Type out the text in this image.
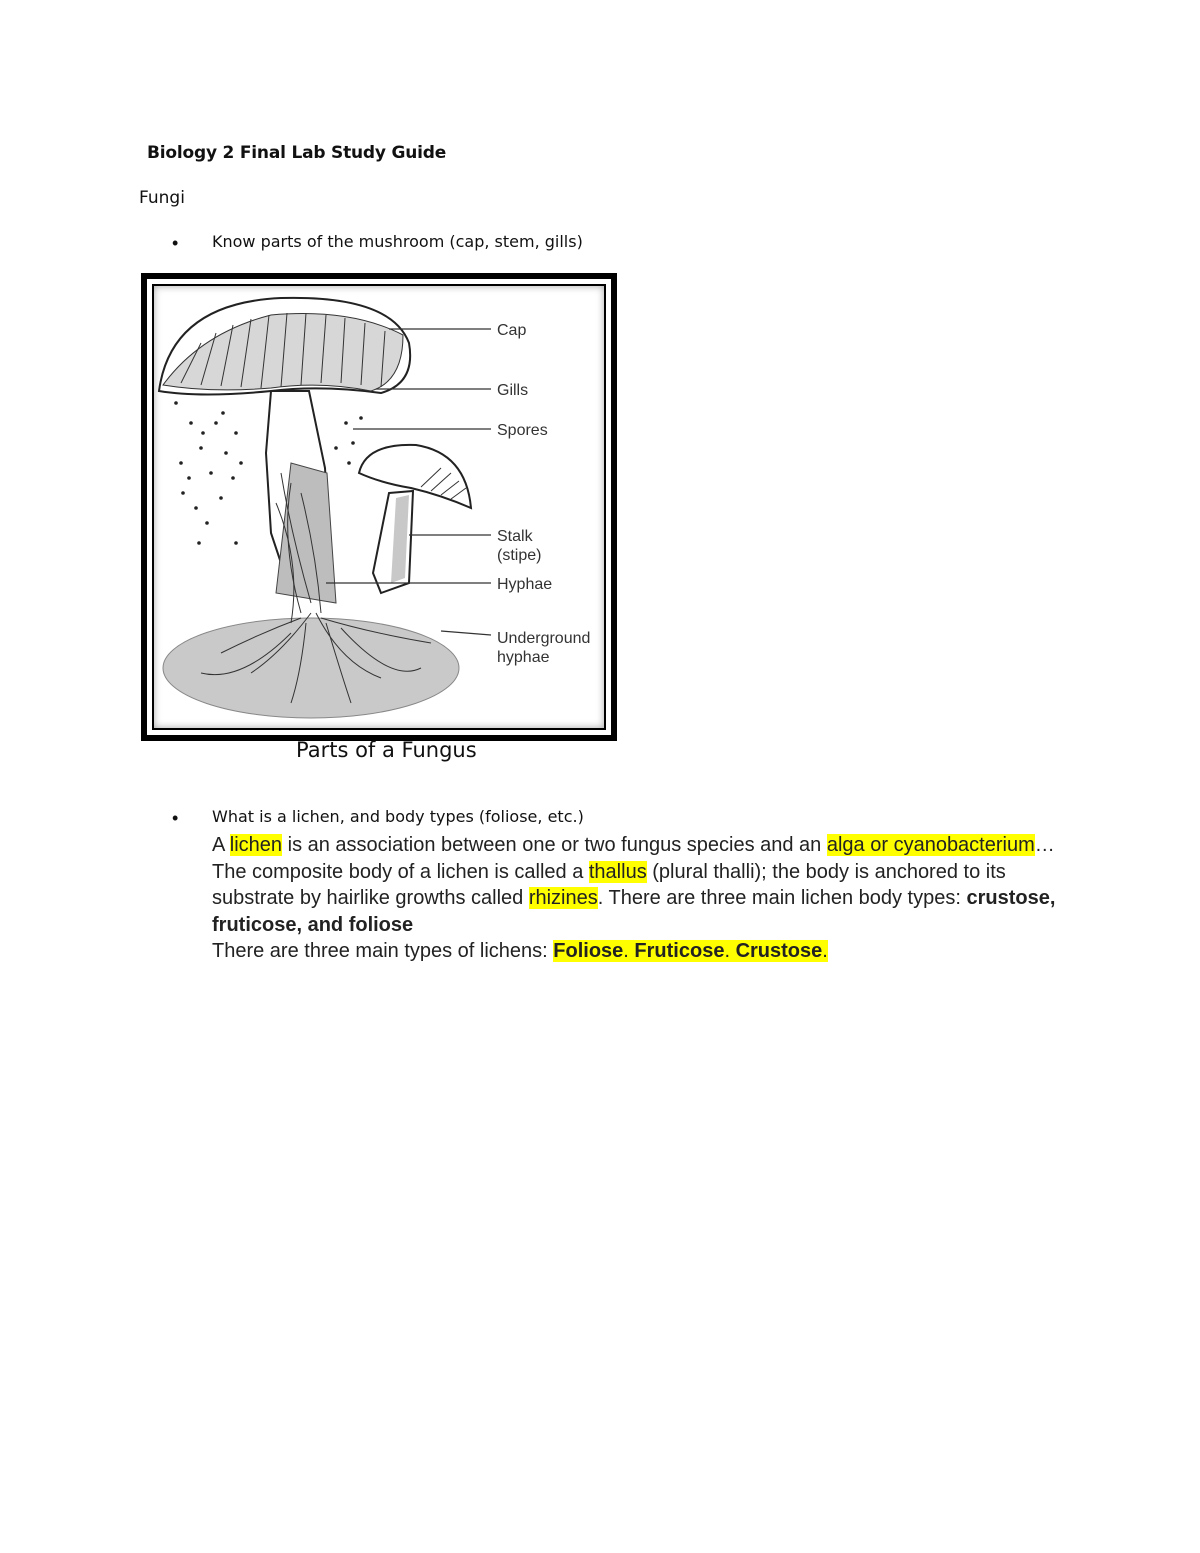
Biology 2 Final Lab Study Guide
Fungi
•	Know parts of the mushroom (cap, stem, gills)
Cap
Gills
Spores
Stalk
(stipe)
Hyphae
Underground
hyphae
Parts of a Fungus
•	What is a lichen, and body types (foliose, etc.)
A lichen is an association between one or two fungus species and an alga or cyanobacterium… The composite body of a lichen is called a thallus (plural thalli); the body is anchored to its substrate by hairlike growths called rhizines. There are three main lichen body types: crustose, fruticose, and foliose
There are three main types of lichens: Foliose. Fruticose. Crustose.
